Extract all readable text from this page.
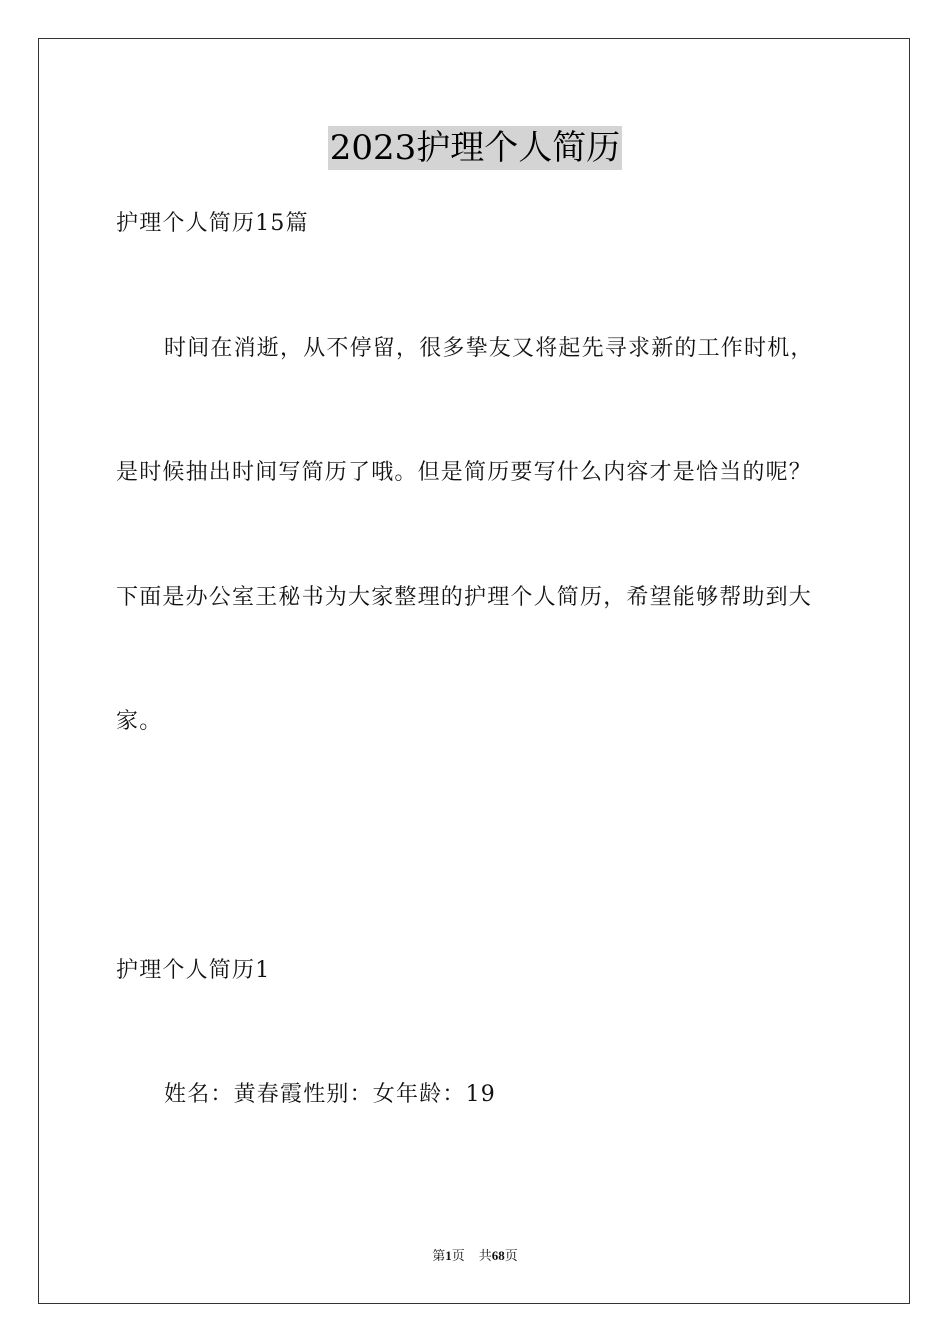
2023护理个人简历
护理个人简历15篇
时间在消逝，从不停留，很多挚友又将起先寻求新的工作时机，
是时候抽出时间写简历了哦。但是简历要写什么内容才是恰当的呢？
下面是办公室王秘书为大家整理的护理个人简历，希望能够帮助到大
家。
护理个人简历1
姓名：黄春霞性别：女年龄：19
第1页 共68页
